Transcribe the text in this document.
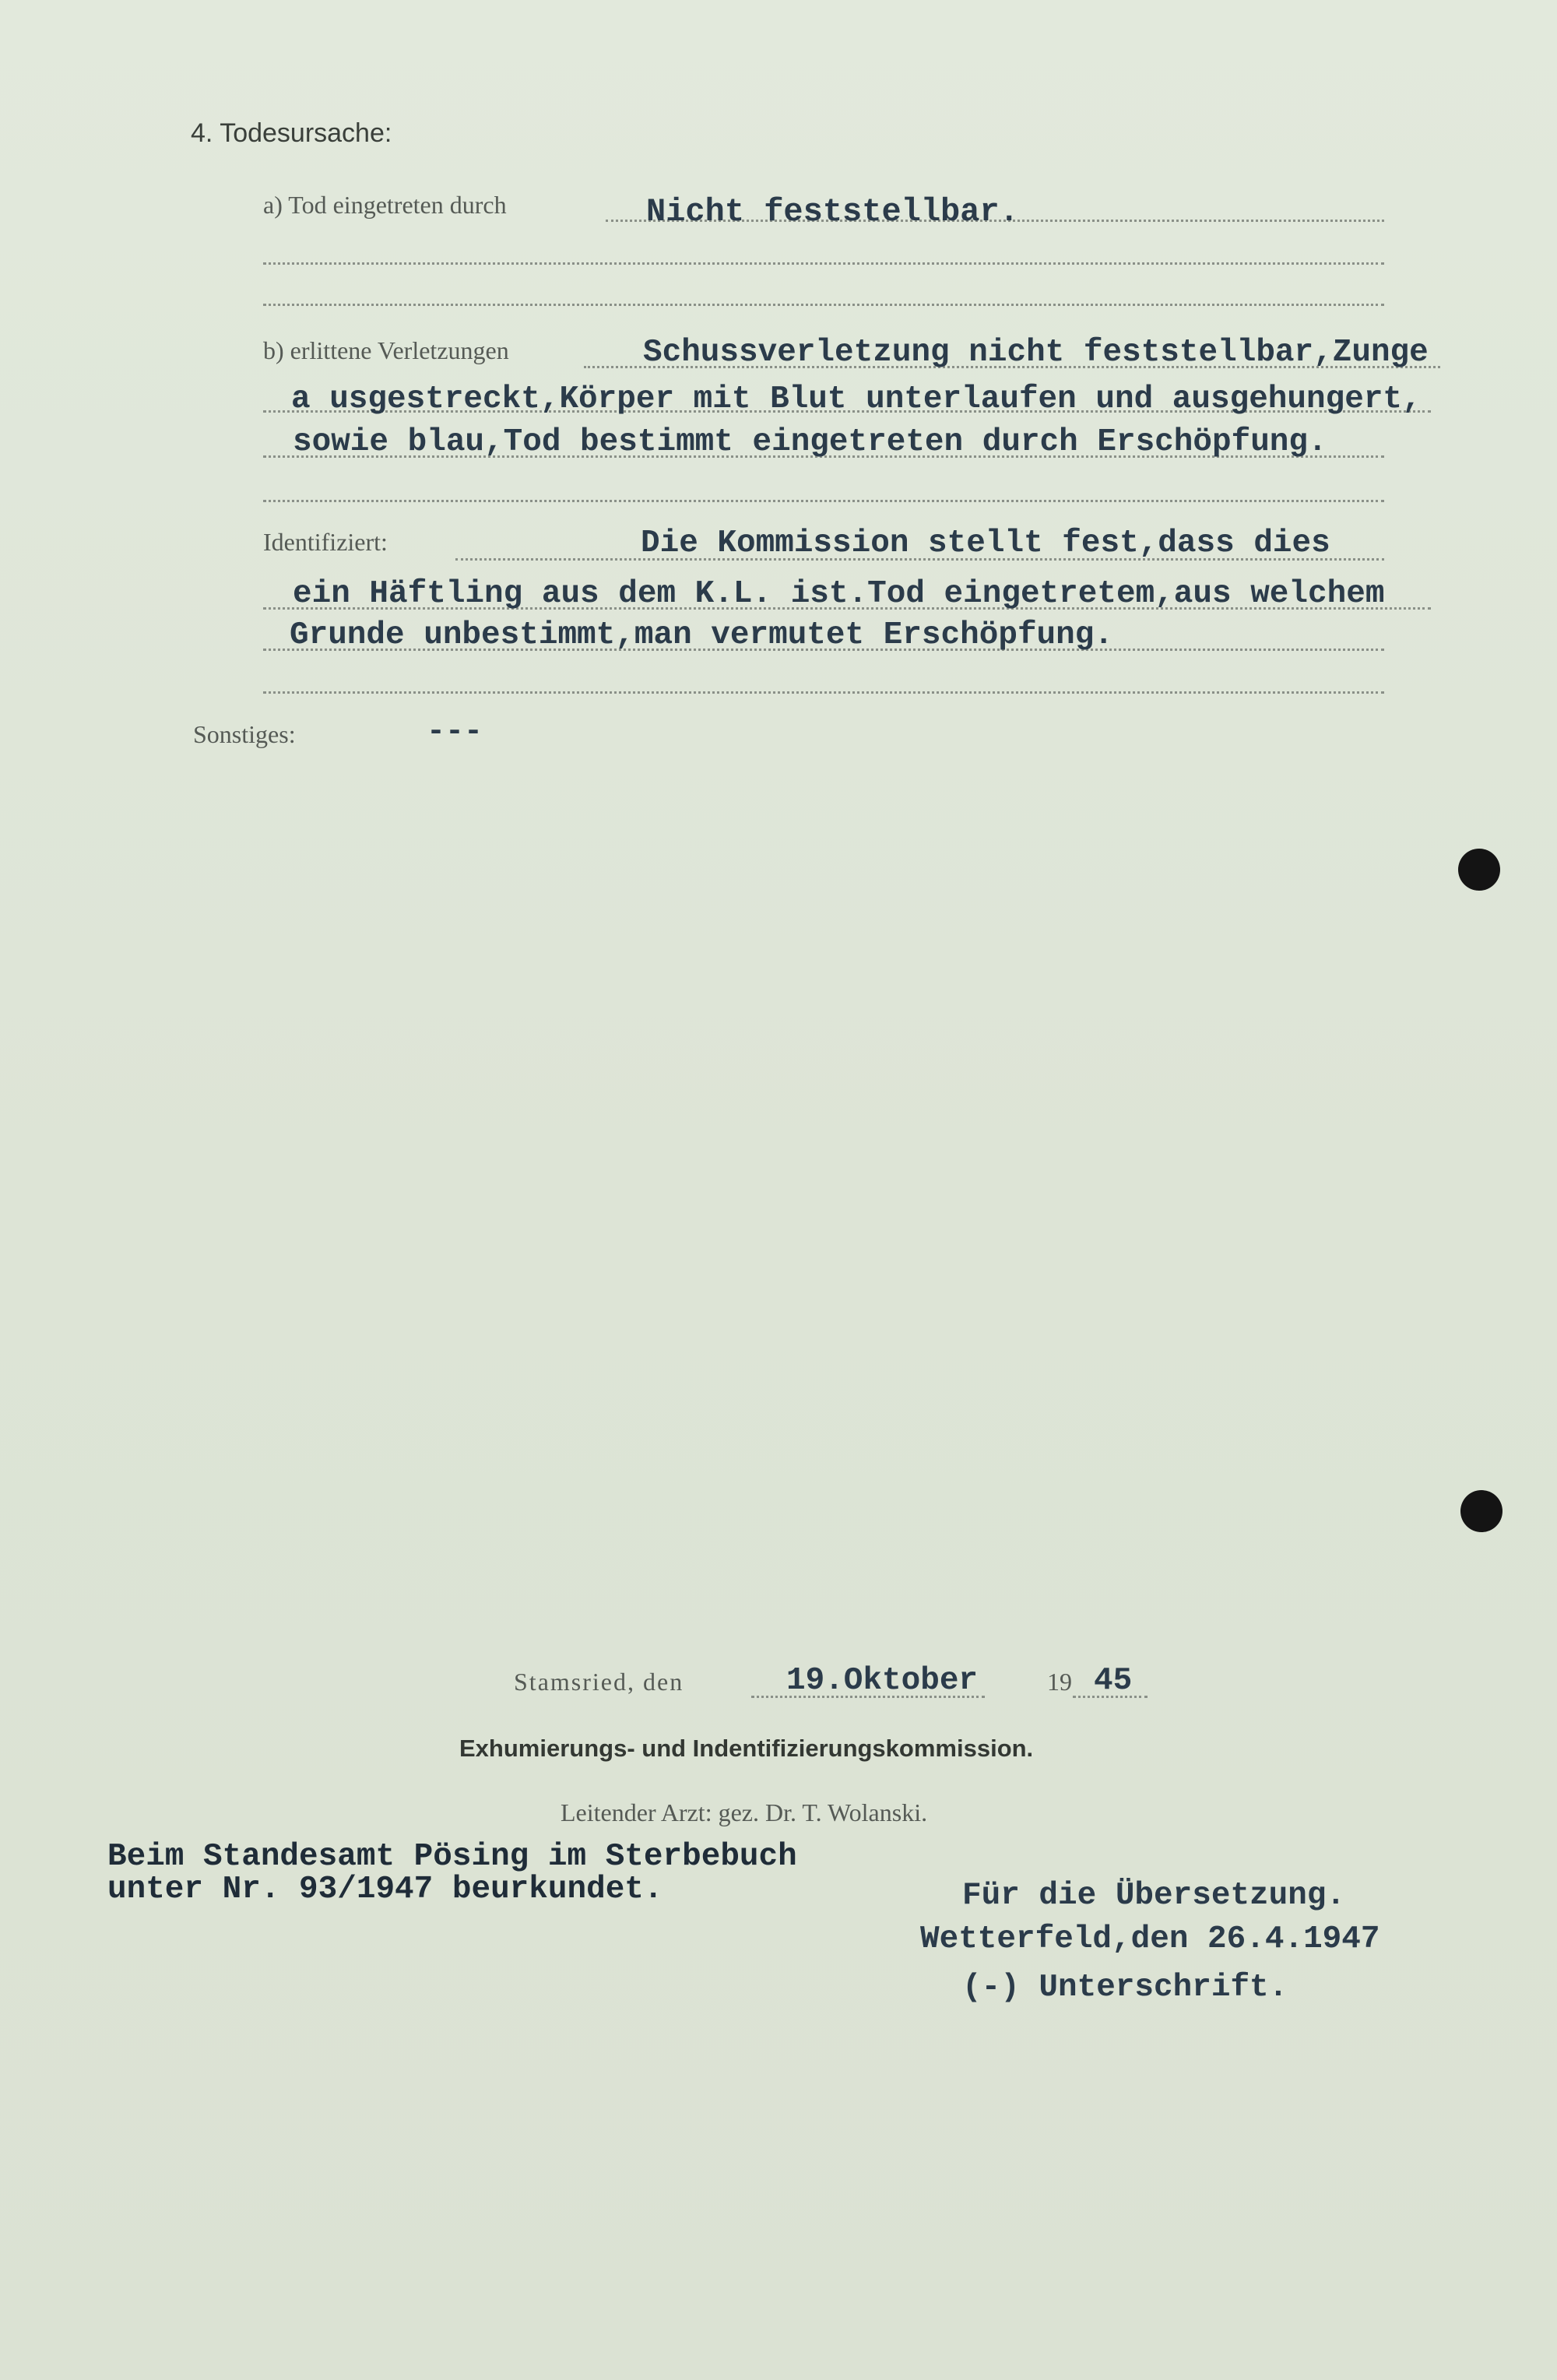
4. Todesursache:
a) Tod eingetreten durch	Nicht feststellbar.
b) erlittene Verletzungen	Schussverletzung nicht feststellbar,Zunge
a usgestreckt,Körper mit Blut unterlaufen und ausgehungert,
sowie blau,Tod bestimmt eingetreten durch Erschöpfung.
Identifiziert:	Die Kommission stellt fest,dass dies
ein Häftling aus dem K.L. ist.Tod eingetretem,aus welchem
Grunde unbestimmt,man vermutet Erschöpfung.
Sonstiges:	---
Stamsried, den	19.Oktober	19 45
Exhumierungs- und Indentifizierungskommission.
Leitender Arzt: gez. Dr. T. Wolanski.
Beim Standesamt Pösing im Sterbebuch
unter Nr. 93/1947 beurkundet.	Für die Übersetzung.
Wetterfeld,den 26.4.1947
(-) Unterschrift.
